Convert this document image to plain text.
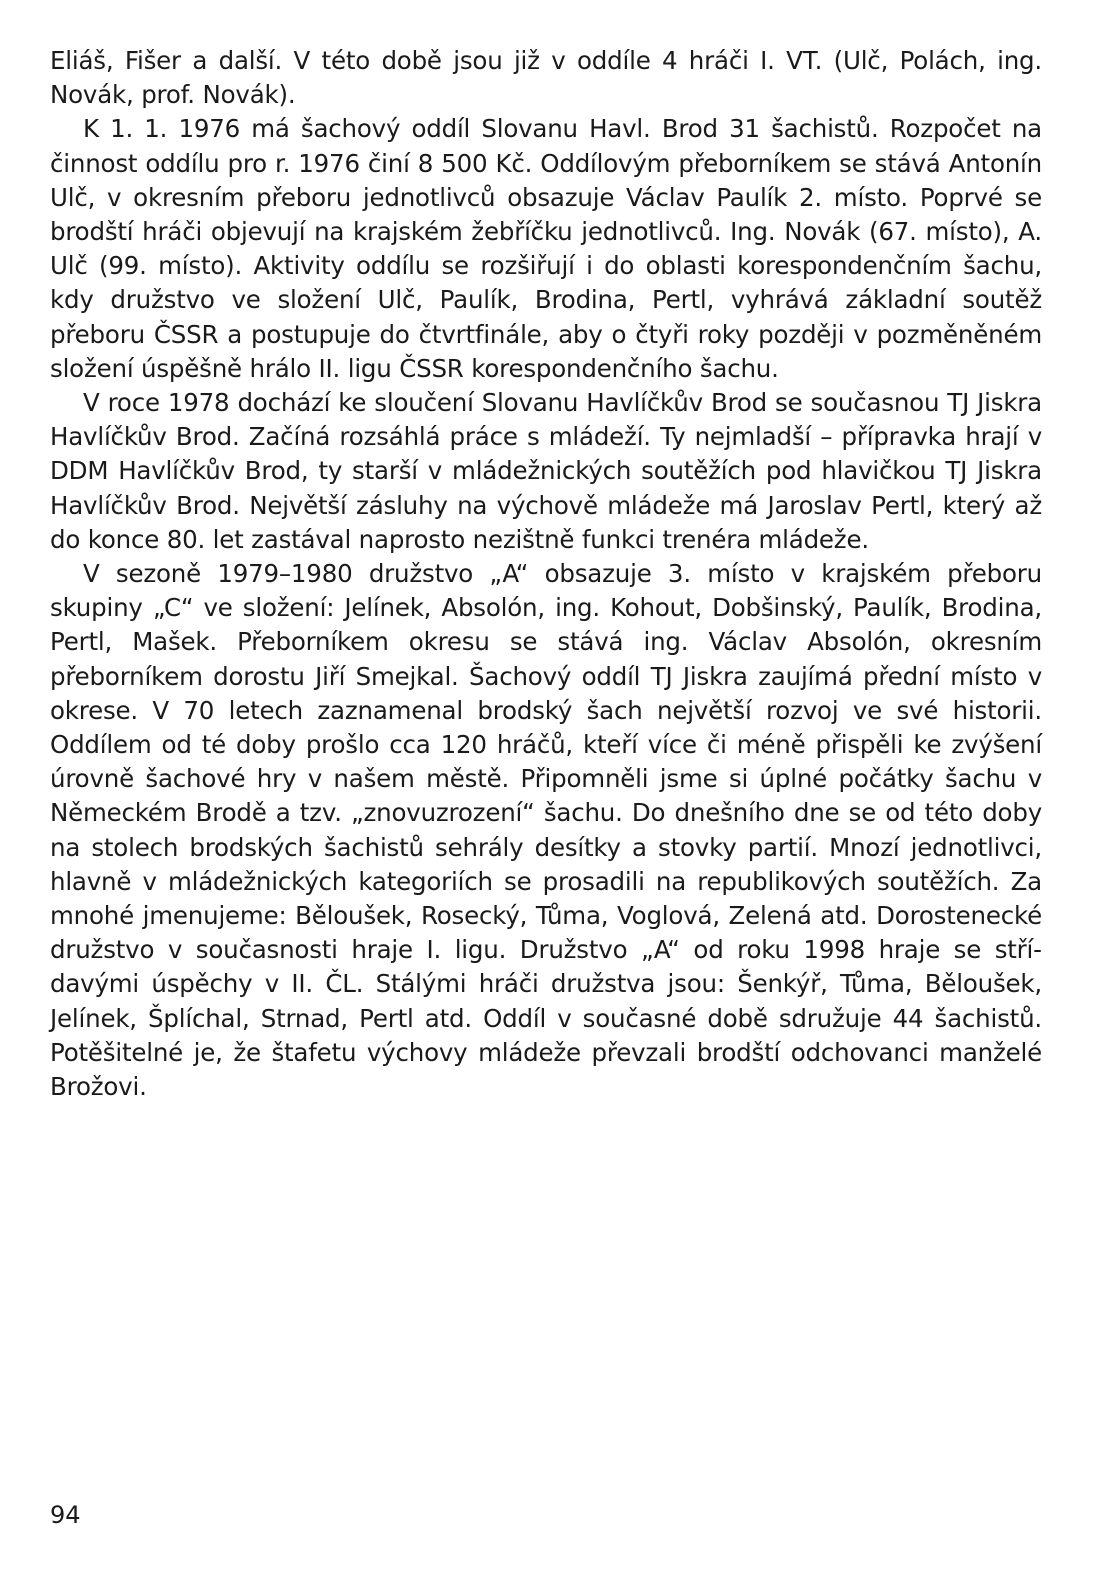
Eliáš, Fišer a další. V této době jsou již v oddíle 4 hráči I. VT. (Ulč, Polách, ing. Novák, prof. Novák).

K 1. 1. 1976 má šachový oddíl Slovanu Havl. Brod 31 šachistů. Rozpočet na činnost oddílu pro r. 1976 činí 8 500 Kč. Oddílovým přeborníkem se stává Antonín Ulč, v okresním přeboru jednotlivců obsazuje Václav Paulík 2. místo. Poprvé se brodští hráči objevují na krajském žebříčku jednotlivců. Ing. Novák (67. místo), A. Ulč (99. místo). Aktivity oddílu se rozšiřují i do oblasti korespondenčním šachu, kdy družstvo ve složení Ulč, Paulík, Brodina, Pertl, vyhrává základní soutěž přeboru ČSSR a postupuje do čtvrtfinále, aby o čtyři roky později v pozměněném složení úspěšně hrálo II. ligu ČSSR korespondenčního šachu.

V roce 1978 dochází ke sloučení Slovanu Havlíčkův Brod se současnou TJ Jiskra Havlíčkův Brod. Začíná rozsáhlá práce s mládeží. Ty nejmladší – přípravka hrají v DDM Havlíčkův Brod, ty starší v mládežnických soutěžích pod hlavičkou TJ Jiskra Havlíčkův Brod. Největší zásluhy na výchově mládeže má Jaroslav Pertl, který až do konce 80. let zastával naprosto nezištně funkci trenéra mládeže.

V sezoně 1979–1980 družstvo „A“ obsazuje 3. místo v krajském přeboru skupiny „C“ ve složení: Jelínek, Absolón, ing. Kohout, Dobšinský, Paulík, Brodina, Pertl, Mašek. Přeborníkem okresu se stává ing. Václav Absolón, okresním přeborníkem dorostu Jiří Smejkal. Šachový oddíl TJ Jiskra zaujímá přední místo v okrese. V 70 letech zaznamenal brodský šach největší rozvoj ve své historii. Oddílem od té doby prošlo cca 120 hráčů, kteří více či méně přispěli ke zvýšení úrovně šachové hry v našem městě. Připomněli jsme si úplné počátky šachu v Německém Brodě a tzv. „znovuzrození“ šachu. Do dnešního dne se od této doby na stolech brodských šachistů sehrály desítky a stovky partií. Mnozí jednotlivci, hlavně v mládežnických kategoriích se prosadili na republikových soutěžích. Za mnohé jmenujeme: Běloušek, Rosecký, Tůma, Voglová, Zelená atd. Dorostenecké družstvo v současnosti hraje I. ligu. Družstvo „A“ od roku 1998 hraje se střídavými úspěchy v II. ČL. Stálými hráči družstva jsou: Šenkýř, Tůma, Běloušek, Jelínek, Šplíchal, Strnad, Pertl atd. Oddíl v současné době sdružuje 44 šachistů. Potěšitelné je, že štafetu výchovy mládeže převzali brodští odchovanci manželé Brožovi.

94
